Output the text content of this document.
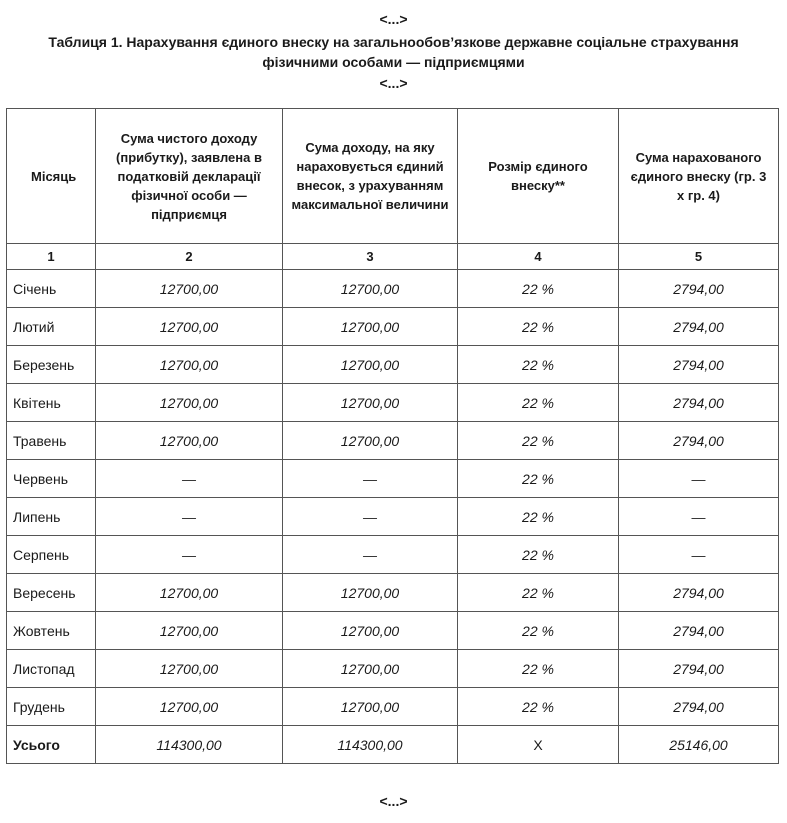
<...>
Таблиця 1. Нарахування єдиного внеску на загальнообов’язкове державне соціальне страхування
фізичними особами — підприємцями
<...>
Місяць	Сума чистого доходу (прибутку), заявлена в податковій декларації фізичної особи — підприємця	Сума доходу, на яку нараховується єдиний внесок, з урахуванням максимальної величини	Розмір єдиного внеску**	Сума нарахованого єдиного внеску (гр. 3 х гр. 4)
1	2	3	4	5
Січень	12700,00	12700,00	22 %	2794,00
Лютий	12700,00	12700,00	22 %	2794,00
Березень	12700,00	12700,00	22 %	2794,00
Квітень	12700,00	12700,00	22 %	2794,00
Травень	12700,00	12700,00	22 %	2794,00
Червень	—	—	22 %	—
Липень	—	—	22 %	—
Серпень	—	—	22 %	—
Вересень	12700,00	12700,00	22 %	2794,00
Жовтень	12700,00	12700,00	22 %	2794,00
Листопад	12700,00	12700,00	22 %	2794,00
Грудень	12700,00	12700,00	22 %	2794,00
Усього	114300,00	114300,00	Х	25146,00
<...>
